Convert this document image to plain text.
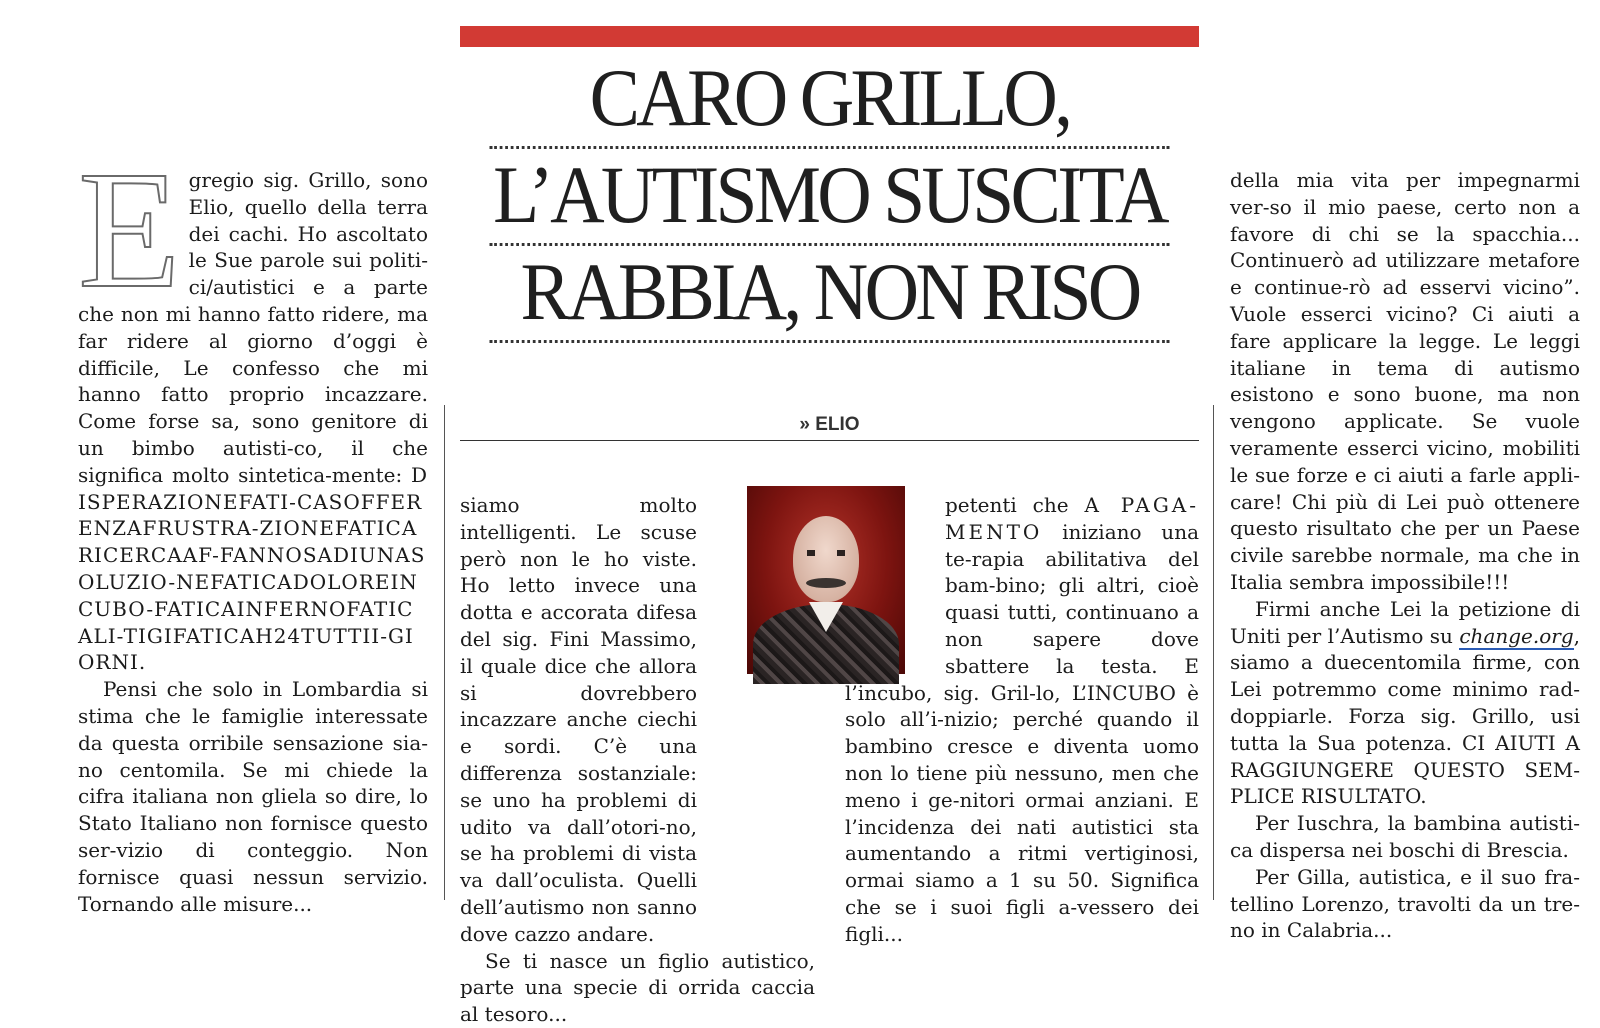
CARO GRILLO,
L’AUTISMO SUSCITA
RABBIA, NON RISO
» ELIO
E gregio sig. Grillo, sono Elio, quello della terra dei cachi. Ho ascoltato le Sue parole sui politi-ci/autistici e a parte che non mi hanno fatto ridere, ma far ridere al giorno d’oggi è difficile, Le confesso che mi hanno fatto proprio incazzare. Come forse sa, sono genitore di un bimbo autisti-co, il che significa molto sintetica-mente: DISPERAZIONEFATI-CASOFFERENZAFRUSTRA-ZIONEFATICARICERCAAF-FANNOSADIUNASOLUZIO-NEFATICADOLOREINCUBO-FATICAINFERNOFATICALI-TIGIFATICAH24TUTTII-GIORNI.

Pensi che solo in Lombardia si stima che le famiglie interessate da questa orribile sensazione sia-no centomila. Se mi chiede la cifra italiana non gliela so dire, lo Stato Italiano non fornisce questo ser-vizio di conteggio. Non fornisce quasi nessun servizio. Tornando alle misure...

siamo molto intelligenti. Le scuse però non le ho viste. Ho letto invece una dotta e accorata difesa del sig. Fini Massimo, il quale dice che allora si dovrebbero incazzare anche ciechi e sordi. C’è una differenza sostanziale: se uno ha problemi di udito va dall’otori-no, se ha problemi di vista va dall’oculista. Quelli dell’autismo non sanno dove cazzo andare.

Se ti nasce un figlio autistico, parte una specie di orrida caccia al tesoro...

petenti che A PAGA-MENTO iniziano una te-rapia abilitativa del bam-bino; gli altri, cioè quasi tutti, continuano a non sapere dove sbattere la testa. E l’incubo, sig. Gril-lo, L’INCUBO è solo all’i-nizio; perché quando il bambino cresce e diventa uomo non lo tiene più nessuno, men che meno i ge-nitori ormai anziani. E l’incidenza dei nati autistici sta aumentando a ritmi vertiginosi, ormai siamo a 1 su 50. Significa che se i suoi figli a-vessero dei figli...

della mia vita per impegnarmi ver-so il mio paese, certo non a favore di chi se la spacchia... Continuerò ad utilizzare metafore e continue-rò ad esservi vicino”. Vuole esserci vicino? Ci aiuti a fare applicare la legge. Le leggi italiane in tema di autismo esistono e sono buone, ma non vengono applicate. Se vuole veramente esserci vicino, mobiliti le sue forze e ci aiuti a farle appli-care! Chi più di Lei può ottenere questo risultato che per un Paese civile sarebbe normale, ma che in Italia sembra impossibile!!!

Firmi anche Lei la petizione di Uniti per l’Autismo su change.org, siamo a duecentomila firme, con Lei potremmo come minimo rad-doppiarle. Forza sig. Grillo, usi tutta la Sua potenza. CI AIUTI A RAGGIUNGERE QUESTO SEM-PLICE RISULTATO.

Per Iuschra, la bambina autisti-ca dispersa nei boschi di Brescia.

Per Gilla, autistica, e il suo fra-tellino Lorenzo, travolti da un tre-no in Calabria...
